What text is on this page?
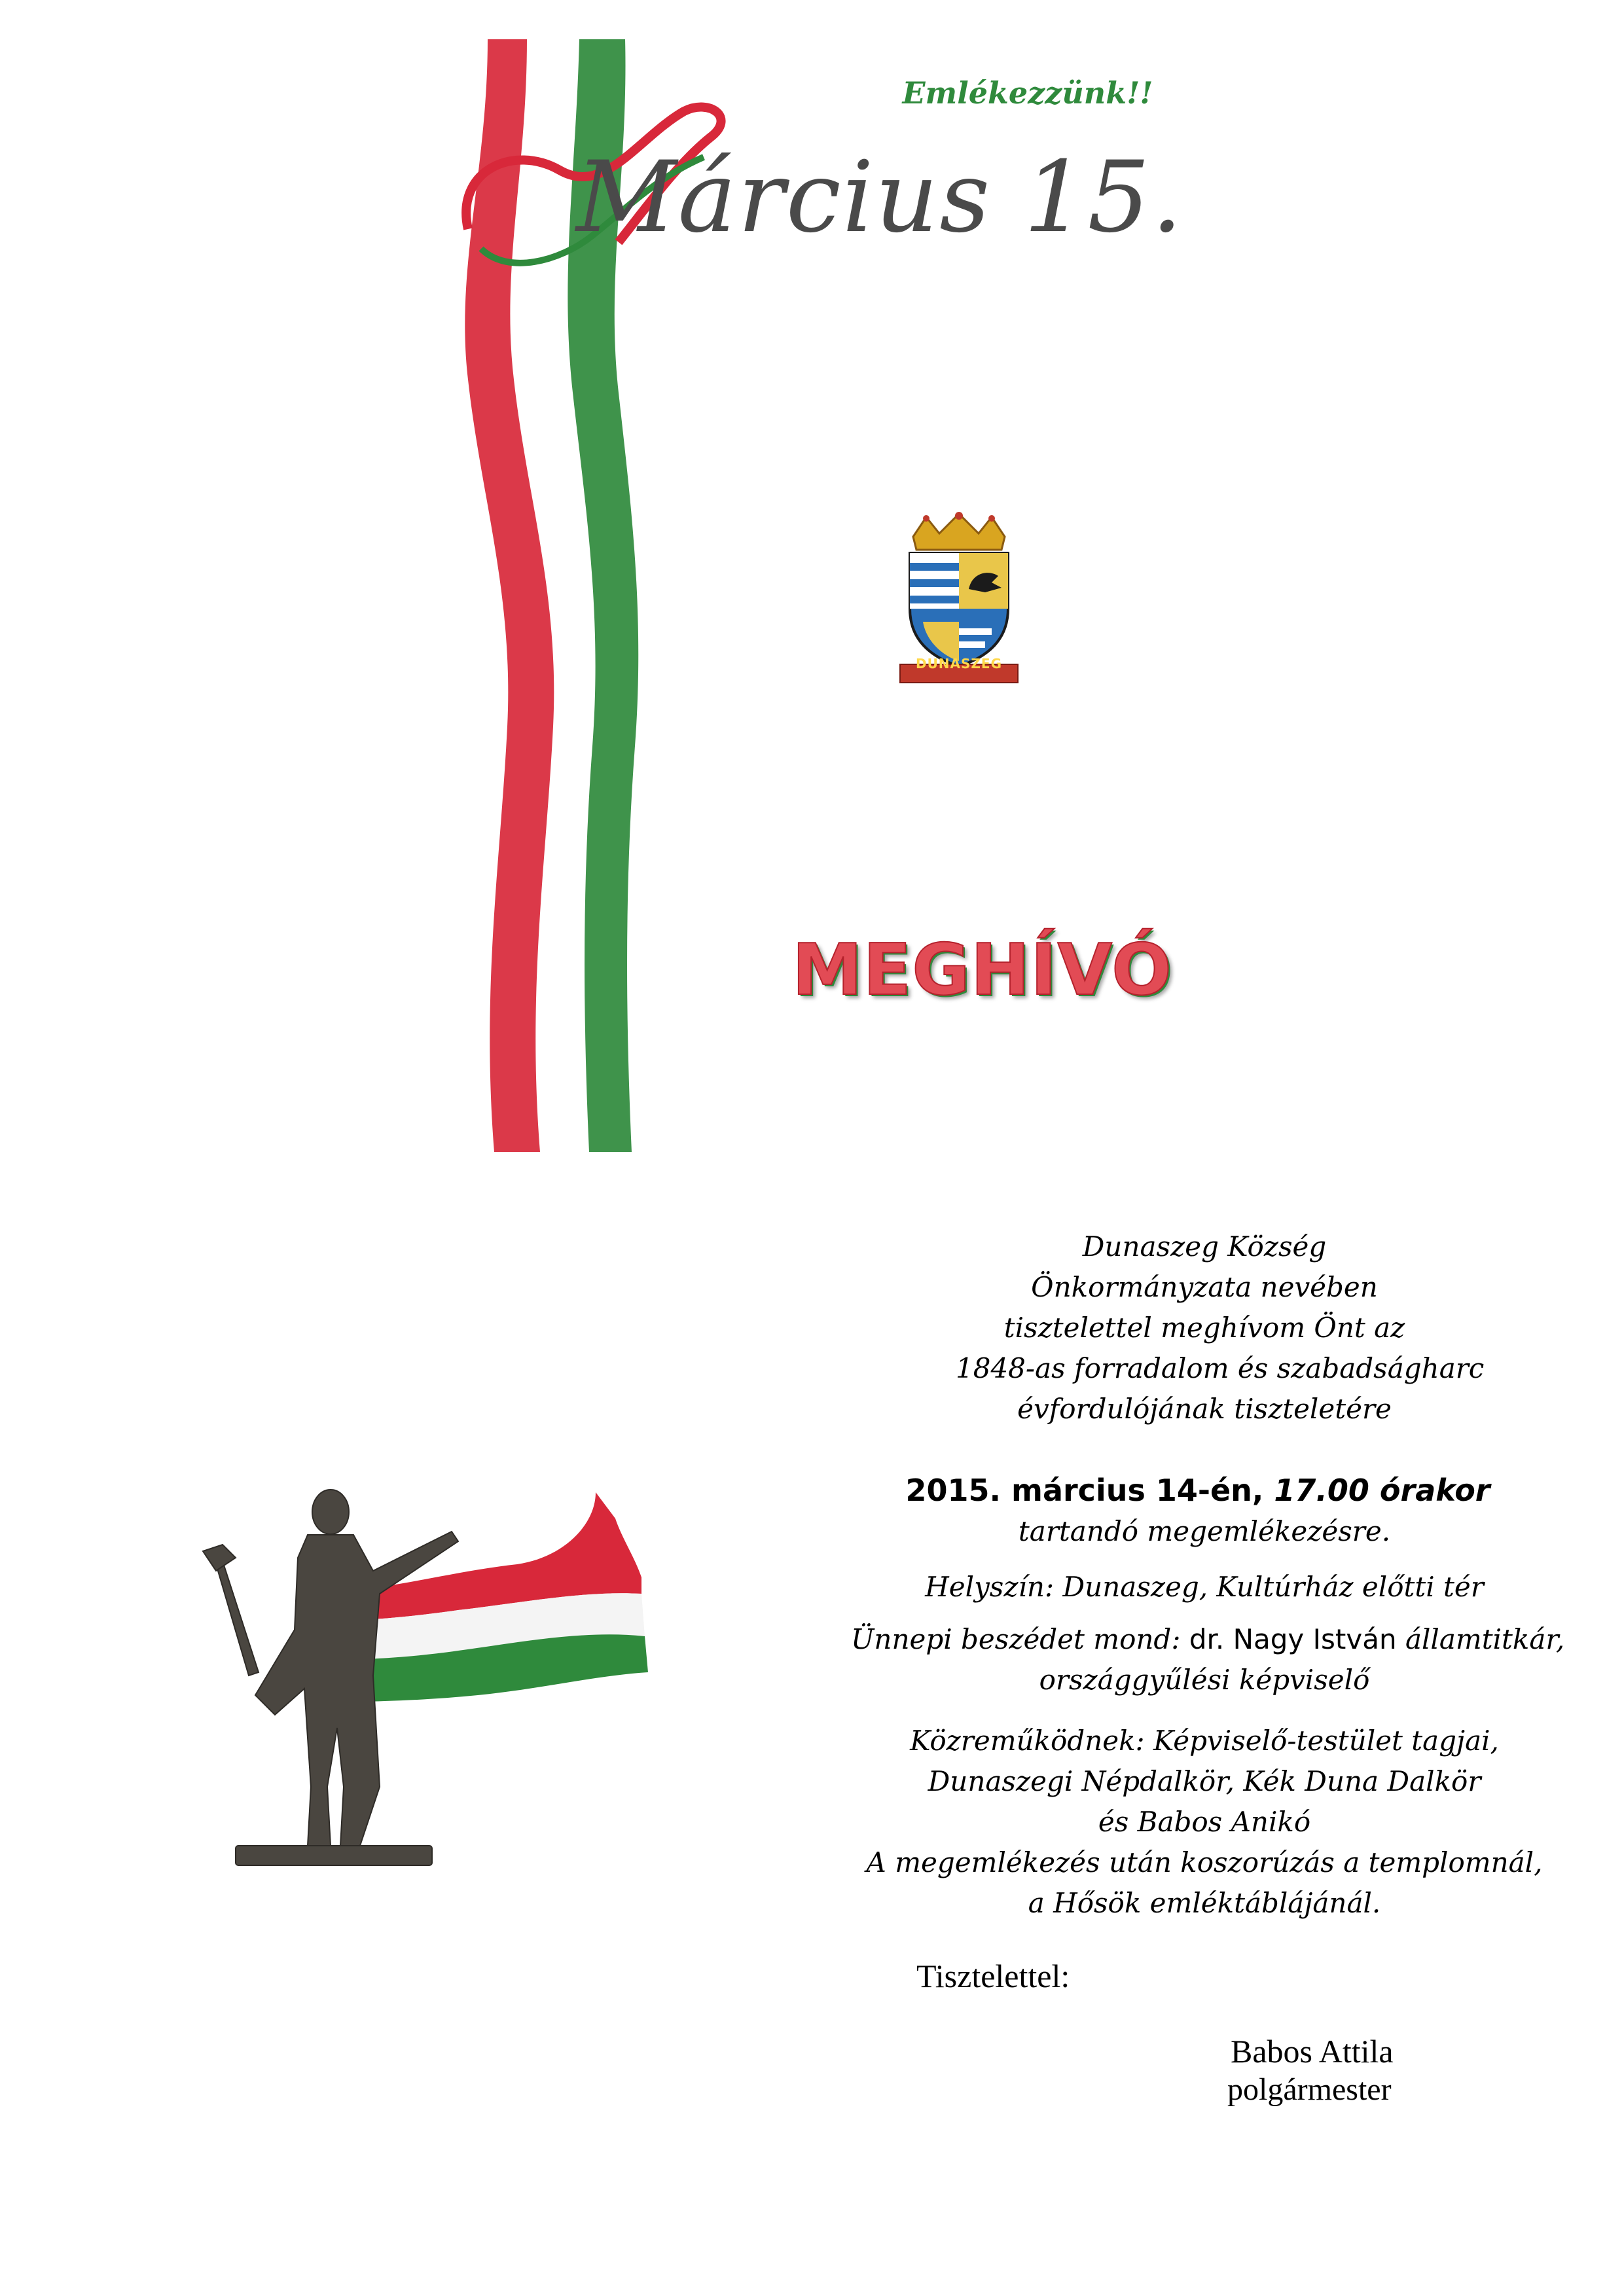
Emlékezzünk!!
Március 15.
DUNASZEG
MEGHÍVÓ
Dunaszeg Község
Önkormányzata nevében
tisztelettel meghívom Önt az
1848-as forradalom és szabadságharc
évfordulójának tiszteletére
2015. március 14-én, 17.00 órakor
tartandó megemlékezésre.
Helyszín: Dunaszeg, Kultúrház előtti tér
Ünnepi beszédet mond: dr. Nagy István államtitkár,
országgyűlési képviselő
Közreműködnek: Képviselő-testület tagjai,
Dunaszegi Népdalkör, Kék Duna Dalkör
és Babos Anikó
A megemlékezés után koszorúzás a templomnál,
a Hősök emléktáblájánál.
Tisztelettel:
Babos Attila
polgármester
